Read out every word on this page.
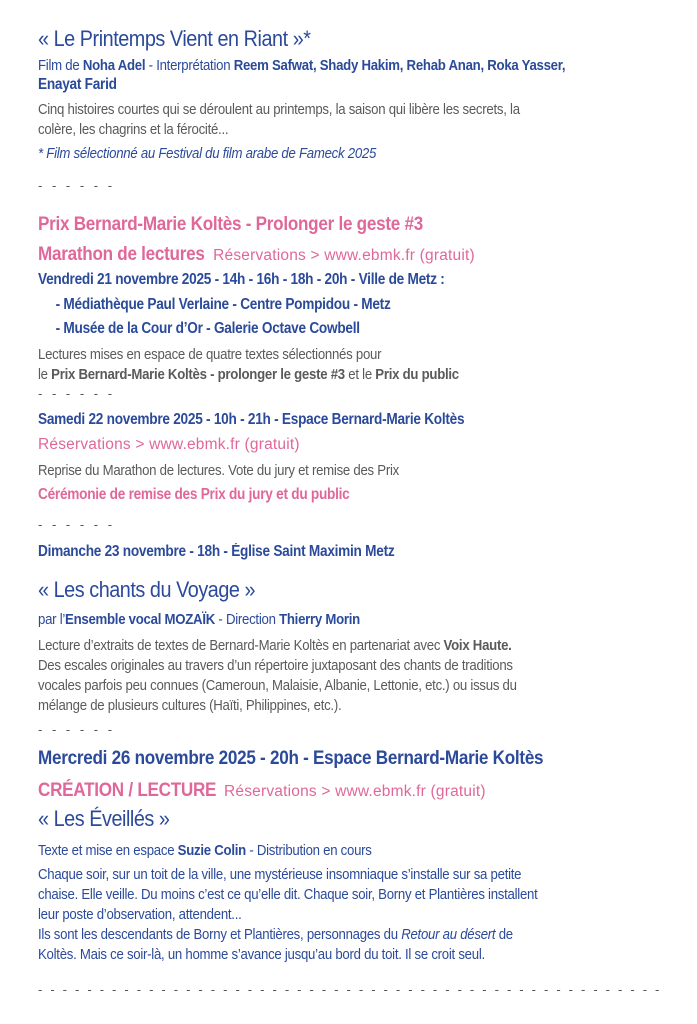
« Le Printemps Vient en Riant »*
Film de Noha Adel - Interprétation Reem Safwat, Shady Hakim, Rehab Anan, Roka Yasser,
Enayat Farid
Cinq histoires courtes qui se déroulent au printemps, la saison qui libère les secrets, la
colère, les chagrins et la férocité...
* Film sélectionné au Festival du film arabe de Fameck 2025
- - - - - -
Prix Bernard-Marie Koltès - Prolonger le geste #3
Marathon de lectures Réservations > www.ebmk.fr (gratuit)
Vendredi 21 novembre 2025 - 14h - 16h - 18h - 20h - Ville de Metz :
- Médiathèque Paul Verlaine - Centre Pompidou - Metz
- Musée de la Cour d’Or - Galerie Octave Cowbell
Lectures mises en espace de quatre textes sélectionnés pour
le Prix Bernard-Marie Koltès - prolonger le geste #3 et le Prix du public
- - - - - -
Samedi 22 novembre 2025 - 10h - 21h - Espace Bernard-Marie Koltès
Réservations > www.ebmk.fr (gratuit)
Reprise du Marathon de lectures. Vote du jury et remise des Prix
Cérémonie de remise des Prix du jury et du public
- - - - - -
Dimanche 23 novembre - 18h - Église Saint Maximin Metz
« Les chants du Voyage »
par l’Ensemble vocal MOZAÏK - Direction Thierry Morin
Lecture d’extraits de textes de Bernard-Marie Koltès en partenariat avec Voix Haute.
Des escales originales au travers d’un répertoire juxtaposant des chants de traditions
vocales parfois peu connues (Cameroun, Malaisie, Albanie, Lettonie, etc.) ou issus du
mélange de plusieurs cultures (Haïti, Philippines, etc.).
- - - - - -
Mercredi 26 novembre 2025 - 20h - Espace Bernard-Marie Koltès
CRÉATION / LECTURE Réservations > www.ebmk.fr (gratuit)
« Les Éveillés »
Texte et mise en espace Suzie Colin - Distribution en cours
Chaque soir, sur un toit de la ville, une mystérieuse insomniaque s’installe sur sa petite
chaise. Elle veille. Du moins c’est ce qu’elle dit. Chaque soir, Borny et Plantières installent
leur poste d’observation, attendent...
Ils sont les descendants de Borny et Plantières, personnages du Retour au désert de
Koltès. Mais ce soir-là, un homme s’avance jusqu’au bord du toit. Il se croit seul.
- - - - - - - - - - - - - - - - - - - - - - - - - - - - - - - - - - - - - - - - - - - - - - - - - - -
